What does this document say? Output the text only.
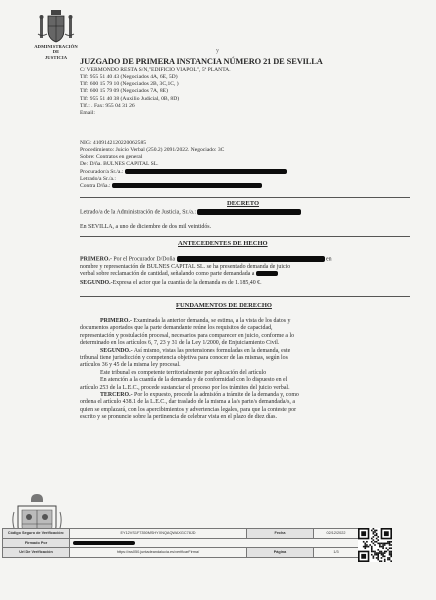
ADMINISTRACIÓN
DE
JUSTICIA
y
JUZGADO DE PRIMERA INSTANCIA NÚMERO 21 DE SEVILLA
C/ VERMONDO RESTA S/N,"EDIFICIO VIAPOL", 5ª PLANTA.
Tlf: 955 51 40 43 (Negociados 4A, 6E, 5D)
Tlf: 600 15 79 10 (Negociados 2B, 3C,1C, )
Tlf: 600 15 79 09 (Negociados 7A, 8E)
Tlf: 955 51 40 38 (Auxilio Judicial, 0B, 8D)
Tlf.: . Fax: 955 04 31 26
Email:
NIG: 4109142120220062585
Procedimiento: Juicio Verbal (250.2) 2091/2022. Negociado: 3C
Sobre: Contratos en general
De: D/ña. BULNES CAPITAL SL.
Procurador/a Sr./a.:
Letrado/a Sr./a.:
Contra D/ña.:
DECRETO
Letrado/a de la Administración de Justicia, Sr./a.:
En SEVILLA, a uno de diciembre de dos mil veintidós.
ANTECEDENTES DE HECHO
PRIMERO.- Por el Procurador D/Doña	en
nombre y representación de BULNES CAPITAL SL. se ha presentado demanda de juicio
verbal sobre reclamación de cantidad, señalando como parte demandada a
SEGUNDO.-Expresa el actor que la cuantía de la demanda es de 1.185,40 €.
FUNDAMENTOS DE DERECHO
PRIMERO.- Examinada la anterior demanda, se estima, a la vista de los datos y
documentos aportados que la parte demandante reúne los requisitos de capacidad,
representación y postulación procesal, necesarios para comparecer en juicio, conforme a lo
determinado en los artículos 6, 7, 23 y 31 de la Ley 1/2000, de Enjuiciamiento Civil.
SEGUNDO.- Así mismo, vistas las pretensiones formuladas en la demanda, este
tribunal tiene jurisdicción y competencia objetiva para conocer de las mismas, según los
artículos 36 y 45 de la misma ley procesal.
Este tribunal es competente territorialmente por aplicación del artículo
En atención a la cuantía de la demanda y de conformidad con lo dispuesto en el
artículo 253 de la L.E.C., procede sustanciar el proceso por los trámites del juicio verbal.
TERCERO.- Por lo expuesto, procede la admisión a trámite de la demanda y, como
ordena el artículo 438.1 de la L.E.C., dar traslado de la misma a la/s parte/s demandada/s, a
quien se emplazará, con los apercibimientos y advertencias legales, para que la conteste por
escrito y se pronuncie sobre la pertinencia de celebrar vista en el plazo de diez días.
Código Seguro de Verificación:	EY12VS1F7350MSHYXNQAQWAXGC78JD	Fecha	02/12/2022
Firmado Por			
Url De Verificación	https://ws050.juntadeandalucia.es/verificarFirma/	Página	1/3
